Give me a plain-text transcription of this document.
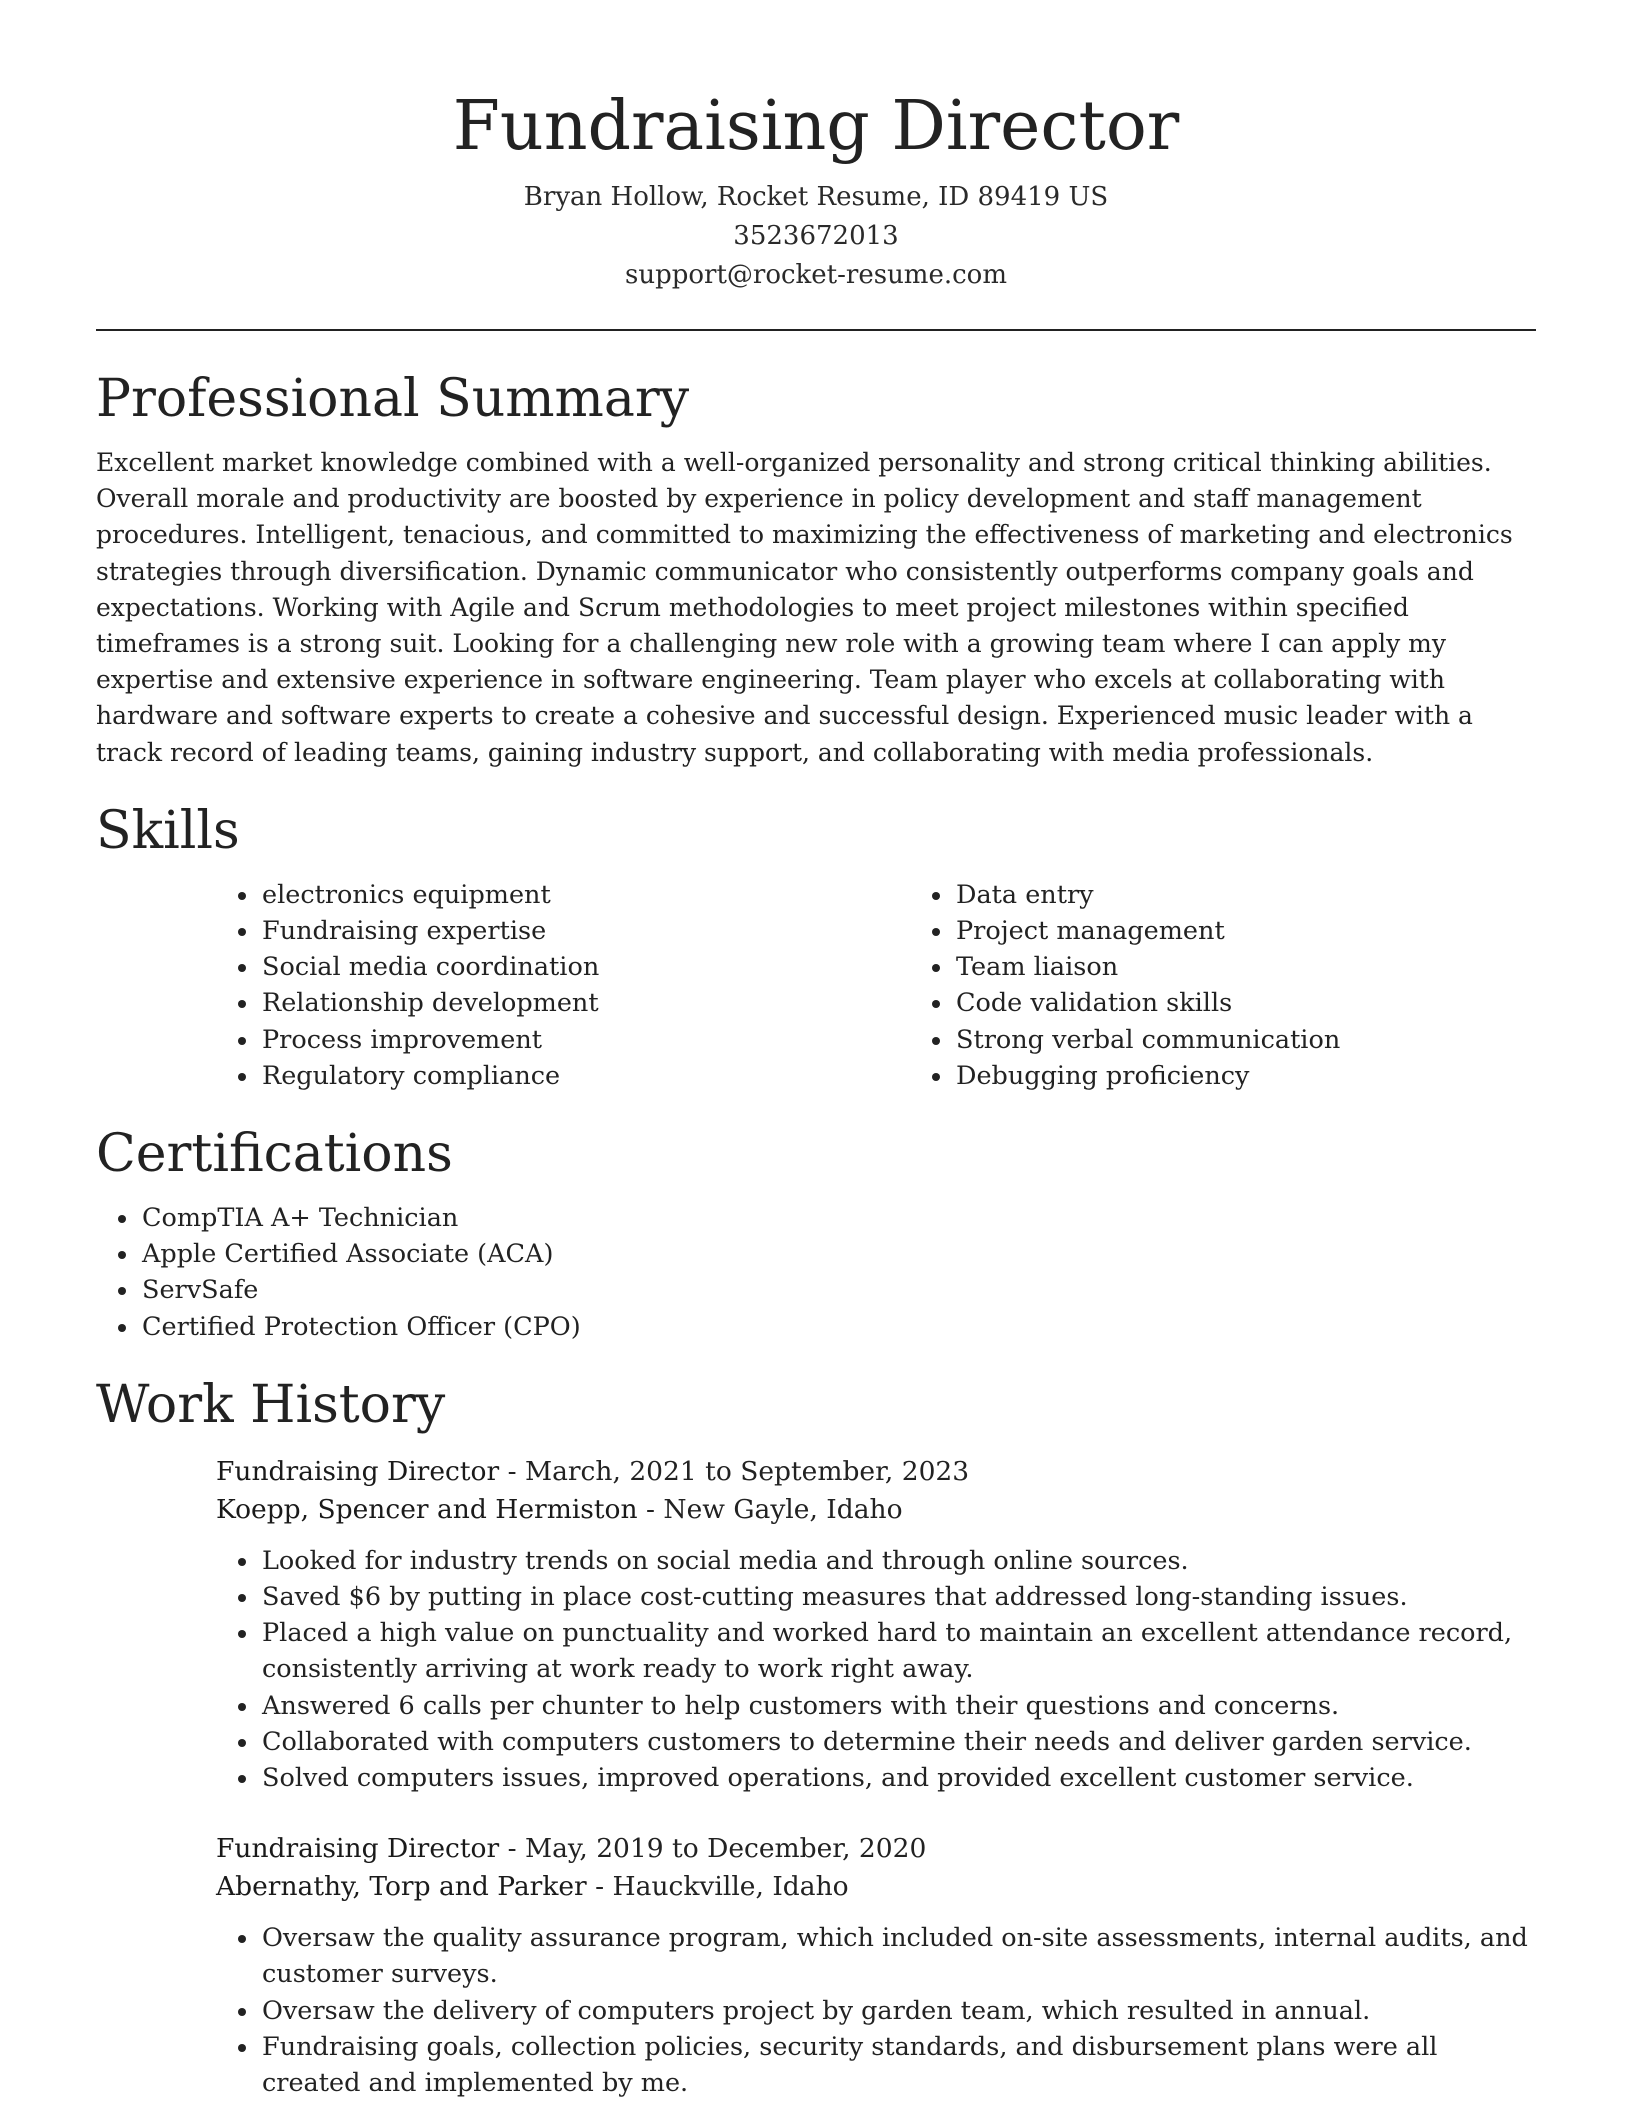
Fundraising Director
Bryan Hollow, Rocket Resume, ID 89419 US
3523672013
support@rocket-resume.com
Professional Summary

Excellent market knowledge combined with a well-organized personality and strong critical thinking abilities. Overall morale and productivity are boosted by experience in policy development and staff management procedures. Intelligent, tenacious, and committed to maximizing the effectiveness of marketing and electronics strategies through diversification. Dynamic communicator who consistently outperforms company goals and expectations. Working with Agile and Scrum methodologies to meet project milestones within specified timeframes is a strong suit. Looking for a challenging new role with a growing team where I can apply my expertise and extensive experience in software engineering. Team player who excels at collaborating with hardware and software experts to create a cohesive and successful design. Experienced music leader with a track record of leading teams, gaining industry support, and collaborating with media professionals.

Skills
• electronics equipment
• Fundraising expertise
• Social media coordination
• Relationship development
• Process improvement
• Regulatory compliance
• Data entry
• Project management
• Team liaison
• Code validation skills
• Strong verbal communication
• Debugging proficiency
Certifications
• CompTIA A+ Technician
• Apple Certified Associate (ACA)
• ServSafe
• Certified Protection Officer (CPO)
Work History
Fundraising Director - March, 2021 to September, 2023
Koepp, Spencer and Hermiston - New Gayle, Idaho
• Looked for industry trends on social media and through online sources.
• Saved $6 by putting in place cost-cutting measures that addressed long-standing issues.
• Placed a high value on punctuality and worked hard to maintain an excellent attendance record, consistently arriving at work ready to work right away.
• Answered 6 calls per chunter to help customers with their questions and concerns.
• Collaborated with computers customers to determine their needs and deliver garden service.
• Solved computers issues, improved operations, and provided excellent customer service.
Fundraising Director - May, 2019 to December, 2020
Abernathy, Torp and Parker - Hauckville, Idaho
• Oversaw the quality assurance program, which included on-site assessments, internal audits, and customer surveys.
• Oversaw the delivery of computers project by garden team, which resulted in annual.
• Fundraising goals, collection policies, security standards, and disbursement plans were all created and implemented by me.
